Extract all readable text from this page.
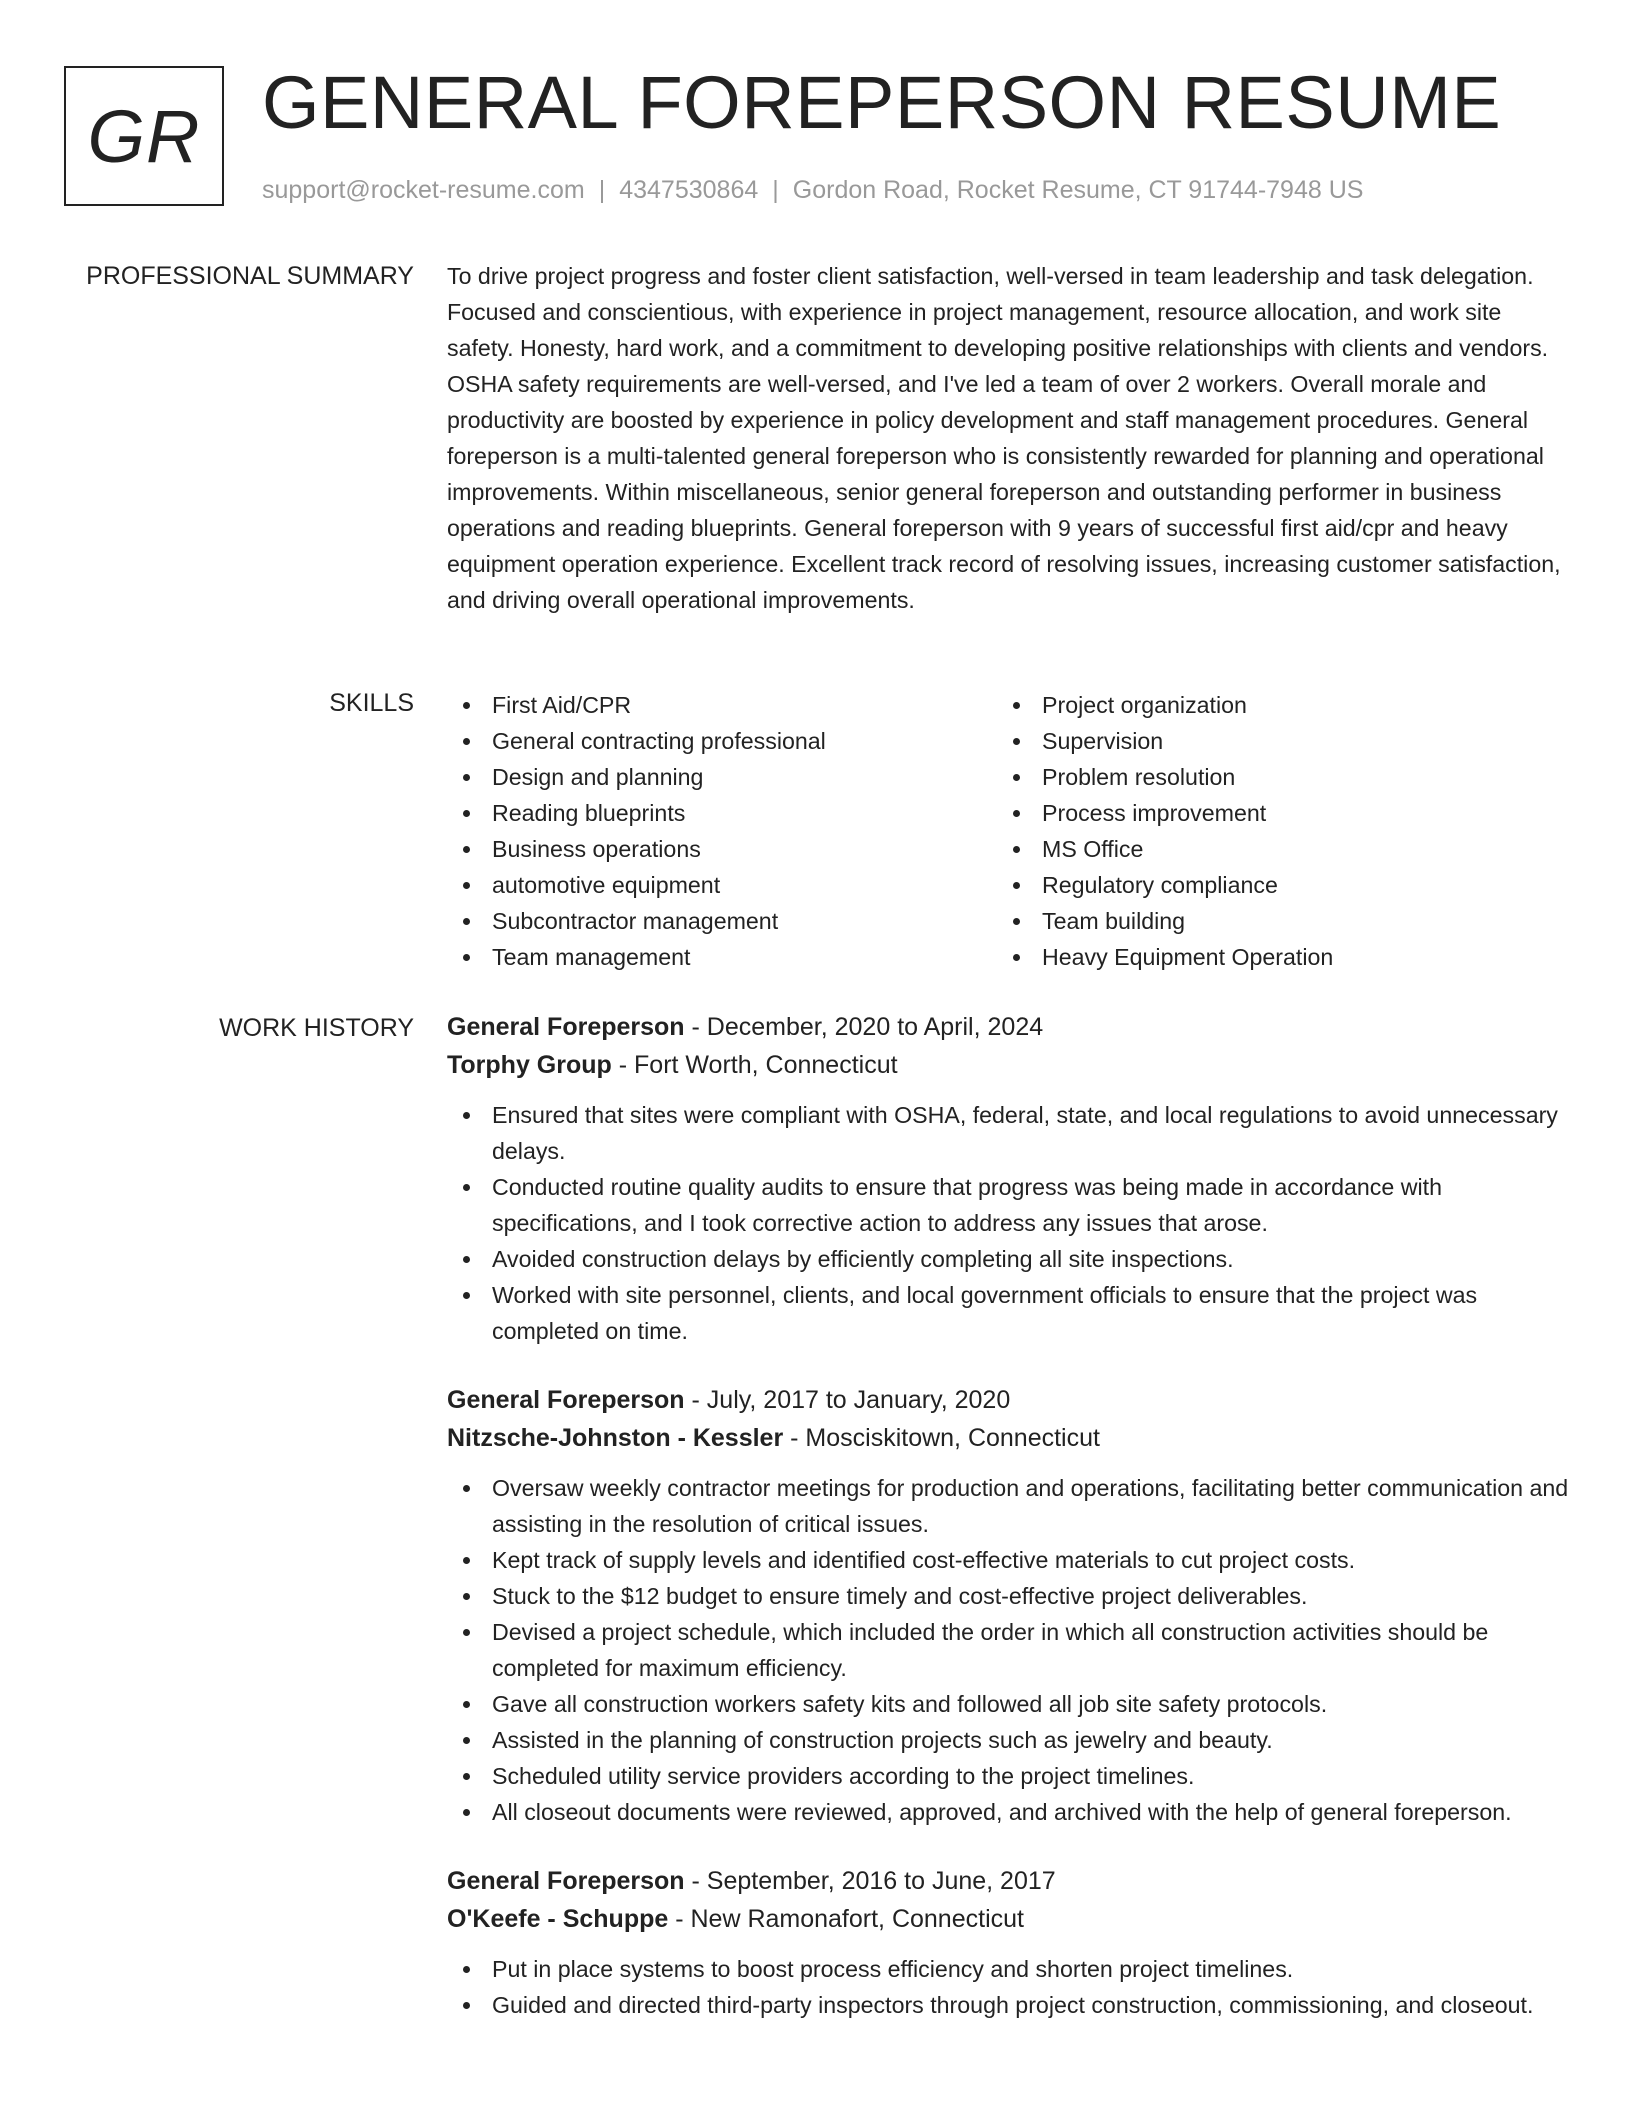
GR GENERAL FOREPERSON RESUME
support@rocket-resume.com | 4347530864 | Gordon Road, Rocket Resume, CT 91744-7948 US
PROFESSIONAL SUMMARY To drive project progress and foster client satisfaction, well-versed in team leadership and task delegation. Focused and conscientious, with experience in project management, resource allocation, and work site safety. Honesty, hard work, and a commitment to developing positive relationships with clients and vendors. OSHA safety requirements are well-versed, and I've led a team of over 2 workers. Overall morale and productivity are boosted by experience in policy development and staff management procedures. General foreperson is a multi-talented general foreperson who is consistently rewarded for planning and operational improvements. Within miscellaneous, senior general foreperson and outstanding performer in business operations and reading blueprints. General foreperson with 9 years of successful first aid/cpr and heavy equipment operation experience. Excellent track record of resolving issues, increasing customer satisfaction, and driving overall operational improvements.

SKILLS	First Aid/CPR
General contracting professional
Design and planning
Reading blueprints
Business operations
automotive equipment
Subcontractor management
Team management
Project organization
Supervision
Problem resolution
Process improvement
MS Office
Regulatory compliance
Team building
Heavy Equipment Operation
WORK HISTORY General Foreperson - December, 2020 to April, 2024
Torphy Group - Fort Worth, Connecticut
Ensured that sites were compliant with OSHA, federal, state, and local regulations to avoid unnecessary delays.
Conducted routine quality audits to ensure that progress was being made in accordance with specifications, and I took corrective action to address any issues that arose.
Avoided construction delays by efficiently completing all site inspections.
Worked with site personnel, clients, and local government officials to ensure that the project was completed on time.
General Foreperson - July, 2017 to January, 2020
Nitzsche-Johnston - Kessler - Mosciskitown, Connecticut
Oversaw weekly contractor meetings for production and operations, facilitating better communication and assisting in the resolution of critical issues.
Kept track of supply levels and identified cost-effective materials to cut project costs.
Stuck to the $12 budget to ensure timely and cost-effective project deliverables.
Devised a project schedule, which included the order in which all construction activities should be completed for maximum efficiency.
Gave all construction workers safety kits and followed all job site safety protocols.
Assisted in the planning of construction projects such as jewelry and beauty.
Scheduled utility service providers according to the project timelines.
All closeout documents were reviewed, approved, and archived with the help of general foreperson.
General Foreperson - September, 2016 to June, 2017
O'Keefe - Schuppe - New Ramonafort, Connecticut
Put in place systems to boost process efficiency and shorten project timelines.
Guided and directed third-party inspectors through project construction, commissioning, and closeout.
